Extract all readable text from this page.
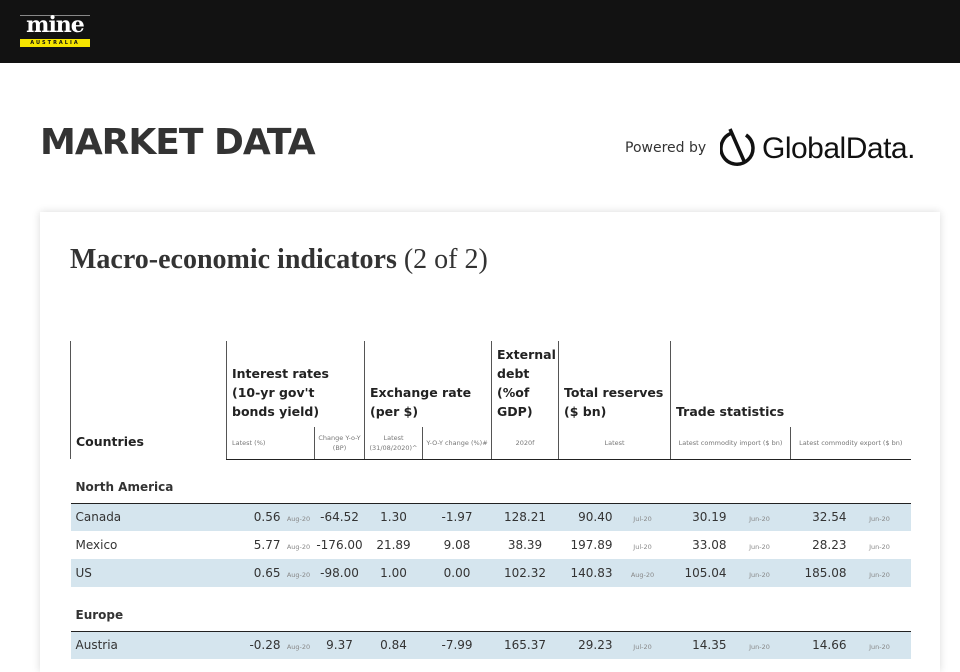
mine
AUSTRALIA
MARKET DATA	Powered by GlobalData.
Macro-economic indicators (2 of 2)
Countries	Interest rates (10-yr gov't bonds yield)			Exchange rate (per $)		External debt (%of GDP)	Total reserves ($ bn)		Trade statistics			
	Latest (%)		Change Y-o-Y (BP)	Latest (31/08/2020)^	Y-O-Y change (%)#	2020f	Latest		Latest commodity import ($ bn)		Latest commodity export ($ bn)	
North America												
Canada	0.56	Aug-20	-64.52	1.30	-1.97	128.21	90.40	Jul-20	30.19	Jun-20	32.54	Jun-20
Mexico	5.77	Aug-20	-176.00	21.89	9.08	38.39	197.89	Jul-20	33.08	Jun-20	28.23	Jun-20
US	0.65	Aug-20	-98.00	1.00	0.00	102.32	140.83	Aug-20	105.04	Jun-20	185.08	Jun-20
Europe												
Austria	-0.28	Aug-20	9.37	0.84	-7.99	165.37	29.23	Jul-20	14.35	Jun-20	14.66	Jun-20
